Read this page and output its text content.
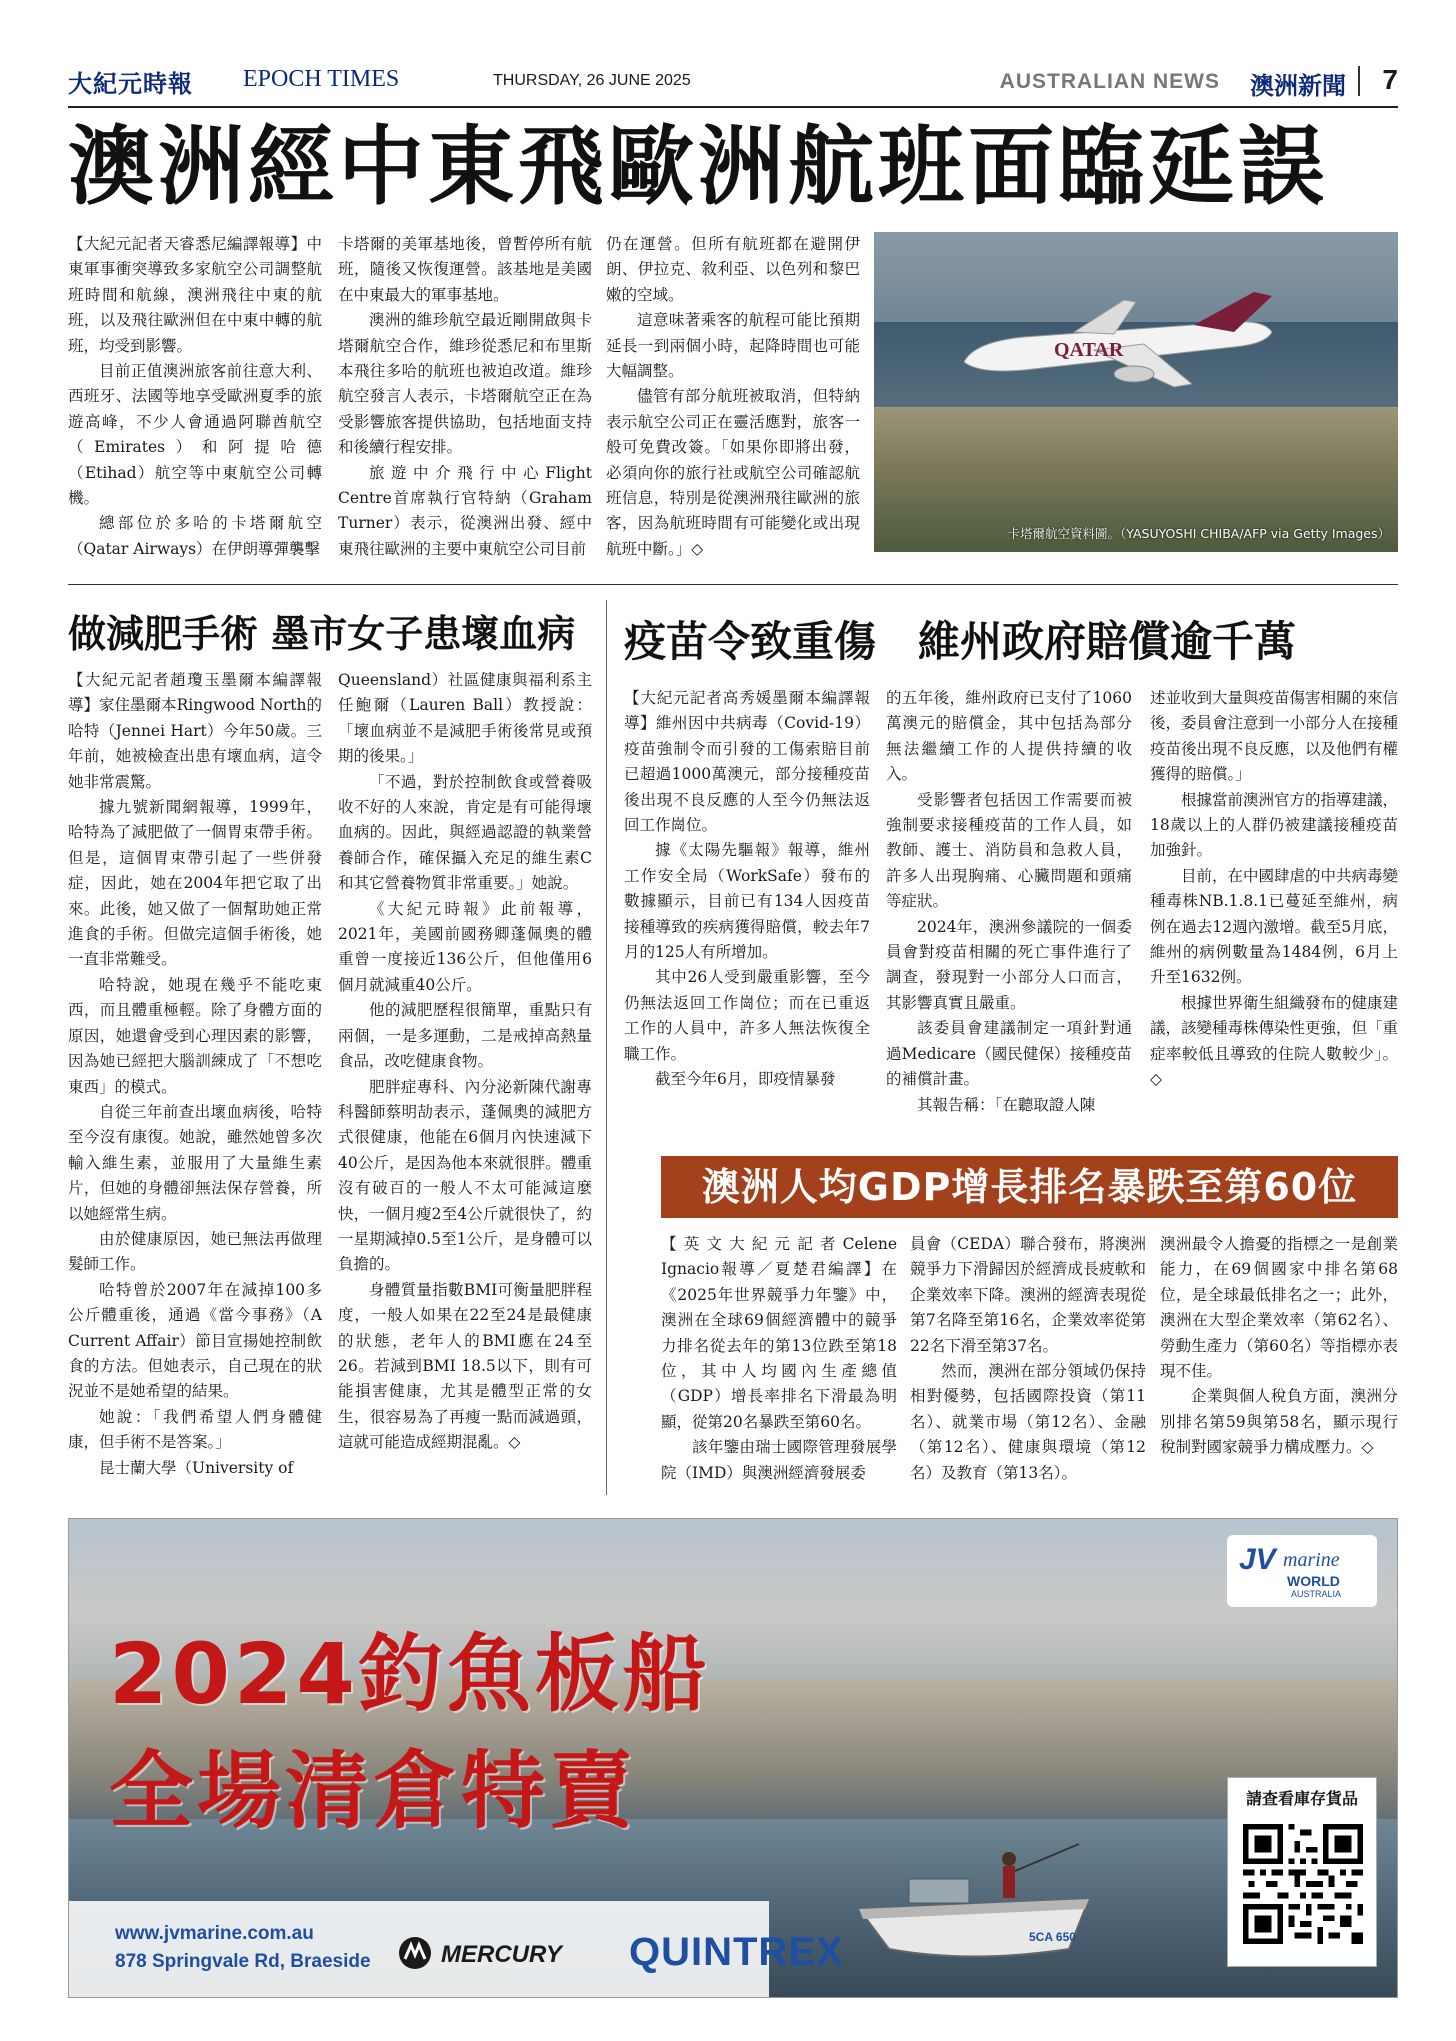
大紀元時報 EPOCH TIMES	THURSDAY, 26 JUNE 2025	AUSTRALIAN NEWS 澳洲新聞 7
澳洲經中東飛歐洲航班面臨延誤

【大紀元記者天睿悉尼編譯報導】中東軍事衝突導致多家航空公司調整航班時間和航線，澳洲飛往中東的航班，以及飛往歐洲但在中東中轉的航班，均受到影響。

目前正值澳洲旅客前往意大利、西班牙、法國等地享受歐洲夏季的旅遊高峰，不少人會通過阿聯酋航空（Emirates）和阿提哈德（Etihad）航空等中東航空公司轉機。

總部位於多哈的卡塔爾航空（Qatar Airways）在伊朗導彈襲擊

卡塔爾的美軍基地後，曾暫停所有航班，隨後又恢復運營。該基地是美國在中東最大的軍事基地。

澳洲的維珍航空最近剛開啟與卡塔爾航空合作，維珍從悉尼和布里斯本飛往多哈的航班也被迫改道。維珍航空發言人表示，卡塔爾航空正在為受影響旅客提供協助，包括地面支持和後續行程安排。

旅遊中介飛行中心Flight Centre首席執行官特納（Graham Turner）表示，從澳洲出發、經中東飛往歐洲的主要中東航空公司目前

仍在運營。但所有航班都在避開伊朗、伊拉克、敘利亞、以色列和黎巴嫩的空域。

這意味著乘客的航程可能比預期延長一到兩個小時，起降時間也可能大幅調整。

儘管有部分航班被取消，但特納表示航空公司正在靈活應對，旅客一般可免費改簽。「如果你即將出發，必須向你的旅行社或航空公司確認航班信息，特別是從澳洲飛往歐洲的旅客，因為航班時間有可能變化或出現航班中斷。」◇

QATAR
卡塔爾航空資料圖。（YASUYOSHI CHIBA/AFP via Getty Images）
做減肥手術 墨市女子患壞血病

【大紀元記者趙瓊玉墨爾本編譯報導】家住墨爾本Ringwood North的哈特（Jennei Hart）今年50歲。三年前，她被檢查出患有壞血病，這令她非常震驚。

據九號新聞網報導，1999年，哈特為了減肥做了一個胃束帶手術。但是，這個胃束帶引起了一些併發症，因此，她在2004年把它取了出來。此後，她又做了一個幫助她正常進食的手術。但做完這個手術後，她一直非常難受。

哈特說，她現在幾乎不能吃東西，而且體重極輕。除了身體方面的原因，她還會受到心理因素的影響，因為她已經把大腦訓練成了「不想吃東西」的模式。

自從三年前查出壞血病後，哈特至今沒有康復。她說，雖然她曾多次輸入維生素，並服用了大量維生素片，但她的身體卻無法保存營養，所以她經常生病。

由於健康原因，她已無法再做理髮師工作。

哈特曾於2007年在減掉100多公斤體重後，通過《當今事務》（A Current Affair）節目宣揚她控制飲食的方法。但她表示，自己現在的狀況並不是她希望的結果。

她說：「我們希望人們身體健康，但手術不是答案。」

昆士蘭大學（University of

Queensland）社區健康與福利系主任鮑爾（Lauren Ball）教授說：「壞血病並不是減肥手術後常見或預期的後果。」

「不過，對於控制飲食或營養吸收不好的人來說，肯定是有可能得壞血病的。因此，與經過認證的執業營養師合作，確保攝入充足的維生素C和其它營養物質非常重要。」她說。

《大紀元時報》此前報導，2021年，美國前國務卿蓬佩奧的體重曾一度接近136公斤，但他僅用6個月就減重40公斤。

他的減肥歷程很簡單，重點只有兩個，一是多運動，二是戒掉高熱量食品，改吃健康食物。

肥胖症專科、內分泌新陳代謝專科醫師蔡明劼表示，蓬佩奧的減肥方式很健康，他能在6個月內快速減下40公斤，是因為他本來就很胖。體重沒有破百的一般人不太可能減這麼快，一個月瘦2至4公斤就很快了，約一星期減掉0.5至1公斤，是身體可以負擔的。

身體質量指數BMI可衡量肥胖程度，一般人如果在22至24是最健康的狀態，老年人的BMI應在24至26。若減到BMI 18.5以下，則有可能損害健康，尤其是體型正常的女生，很容易為了再瘦一點而減過頭，這就可能造成經期混亂。◇

疫苗令致重傷　維州政府賠償逾千萬

【大紀元記者高秀媛墨爾本編譯報導】維州因中共病毒（Covid-19）疫苗強制令而引發的工傷索賠目前已超過1000萬澳元，部分接種疫苗後出現不良反應的人至今仍無法返回工作崗位。

據《太陽先驅報》報導，維州工作安全局（WorkSafe）發布的數據顯示，目前已有134人因疫苗接種導致的疾病獲得賠償，較去年7月的125人有所增加。

其中26人受到嚴重影響，至今仍無法返回工作崗位；而在已重返工作的人員中，許多人無法恢復全職工作。

截至今年6月，即疫情暴發

的五年後，維州政府已支付了1060萬澳元的賠償金，其中包括為部分無法繼續工作的人提供持續的收入。

受影響者包括因工作需要而被強制要求接種疫苗的工作人員，如教師、護士、消防員和急救人員，許多人出現胸痛、心臟問題和頭痛等症狀。

2024年，澳洲參議院的一個委員會對疫苗相關的死亡事件進行了調查，發現對一小部分人口而言，其影響真實且嚴重。

該委員會建議制定一項針對通過Medicare（國民健保）接種疫苗的補償計畫。

其報告稱：「在聽取證人陳

述並收到大量與疫苗傷害相關的來信後，委員會注意到一小部分人在接種疫苗後出現不良反應，以及他們有權獲得的賠償。」

根據當前澳洲官方的指導建議，18歲以上的人群仍被建議接種疫苗加強針。

目前，在中國肆虐的中共病毒變種毒株NB.1.8.1已蔓延至維州，病例在過去12週內激增。截至5月底，維州的病例數量為1484例，6月上升至1632例。

根據世界衛生組織發布的健康建議，該變種毒株傳染性更強，但「重症率較低且導致的住院人數較少」。◇

澳洲人均GDP增長排名暴跌至第60位

【英文大紀元記者Celene Ignacio報導／夏楚君編譯】在《2025年世界競爭力年鑒》中，澳洲在全球69個經濟體中的競爭力排名從去年的第13位跌至第18位，其中人均國內生產總值（GDP）增長率排名下滑最為明顯，從第20名暴跌至第60名。

該年鑒由瑞士國際管理發展學院（IMD）與澳洲經濟發展委

員會（CEDA）聯合發布，將澳洲競爭力下滑歸因於經濟成長疲軟和企業效率下降。澳洲的經濟表現從第7名降至第16名，企業效率從第22名下滑至第37名。

然而，澳洲在部分領域仍保持相對優勢，包括國際投資（第11名）、就業市場（第12名）、金融（第12名）、健康與環境（第12名）及教育（第13名）。

澳洲最令人擔憂的指標之一是創業能力，在69個國家中排名第68位，是全球最低排名之一；此外，澳洲在大型企業效率（第62名）、勞動生產力（第60名）等指標亦表現不佳。

企業與個人稅負方面，澳洲分別排名第59與第58名，顯示現行稅制對國家競爭力構成壓力。◇

2024釣魚板船
全場清倉特賣
5CA 650
JV marine
WORLD
AUSTRALIA
請查看庫存貨品
www.jvmarine.com.au
878 Springvale Rd, Braeside	MERCURY QUINTREX
